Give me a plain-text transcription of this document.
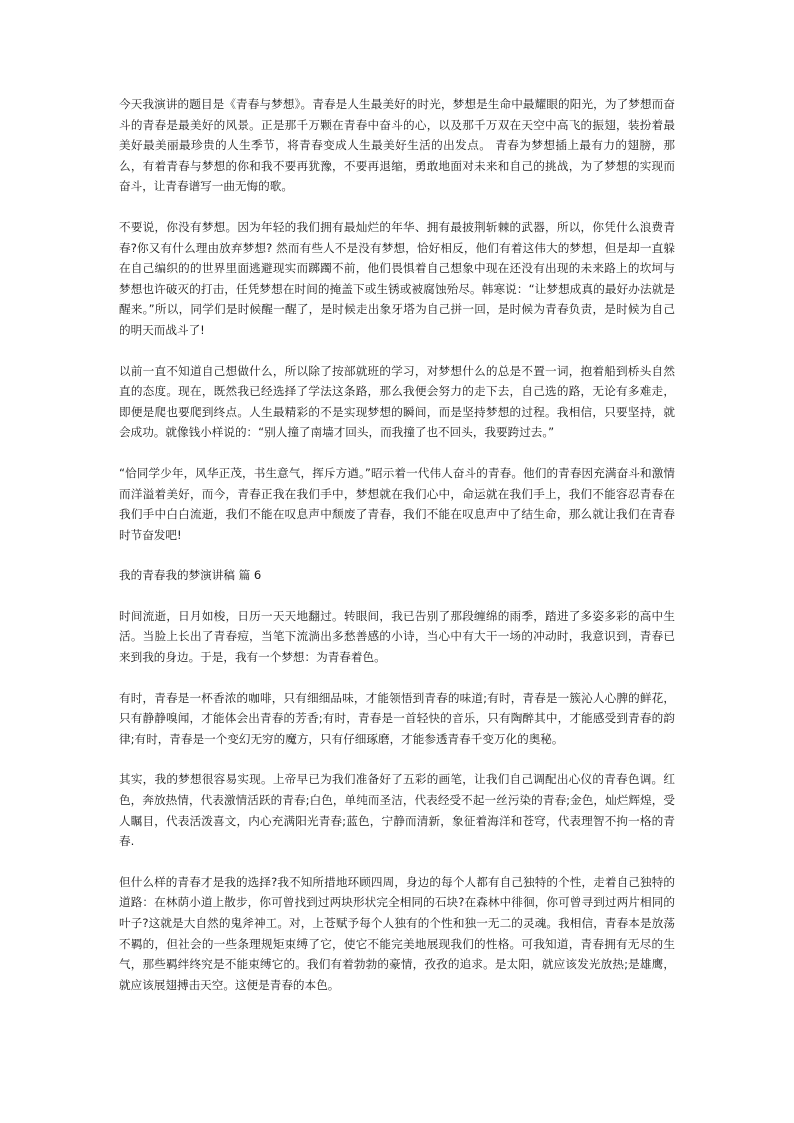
今天我演讲的题目是《青春与梦想》。青春是人生最美好的时光，梦想是生命中最耀眼的阳光，为了梦想而奋斗的青春是最美好的风景。正是那千万颗在青春中奋斗的心，以及那千万双在天空中高飞的振翅，装扮着最美好最美丽最珍贵的人生季节，将青春变成人生最美好生活的出发点。 青春为梦想插上最有力的翅膀，那么，有着青春与梦想的你和我不要再犹豫，不要再退缩，勇敢地面对未来和自己的挑战，为了梦想的实现而奋斗，让青春谱写一曲无悔的歌。

不要说，你没有梦想。因为年轻的我们拥有最灿烂的年华、拥有最披荆斩棘的武器，所以，你凭什么浪费青春?你又有什么理由放弃梦想? 然而有些人不是没有梦想，恰好相反，他们有着这伟大的梦想，但是却一直躲在自己编织的的世界里面逃避现实而踯躅不前，他们畏惧着自己想象中现在还没有出现的未来路上的坎坷与梦想也许破灭的打击，任凭梦想在时间的掩盖下或生锈或被腐蚀殆尽。韩寒说：“让梦想成真的最好办法就是醒来。”所以，同学们是时候醒一醒了，是时候走出象牙塔为自己拼一回，是时候为青春负责，是时候为自己的明天而战斗了!

以前一直不知道自己想做什么，所以除了按部就班的学习，对梦想什么的总是不置一词，抱着船到桥头自然直的态度。现在，既然我已经选择了学法这条路，那么我便会努力的走下去，自己选的路，无论有多难走，即便是爬也要爬到终点。人生最精彩的不是实现梦想的瞬间，而是坚持梦想的过程。我相信，只要坚持，就会成功。就像钱小样说的：“别人撞了南墙才回头，而我撞了也不回头，我要跨过去。”

“恰同学少年，风华正茂，书生意气，挥斥方遒。”昭示着一代伟人奋斗的青春。他们的青春因充满奋斗和激情而洋溢着美好，而今，青春正我在我们手中，梦想就在我们心中，命运就在我们手上，我们不能容忍青春在我们手中白白流逝，我们不能在叹息声中颓废了青春，我们不能在叹息声中了结生命，那么就让我们在青春时节奋发吧!

我的青春我的梦演讲稿 篇 6

时间流逝，日月如梭，日历一天天地翻过。转眼间，我已告别了那段缠绵的雨季，踏进了多姿多彩的高中生活。当脸上长出了青春痘，当笔下流淌出多愁善感的小诗，当心中有大干一场的冲动时，我意识到，青春已来到我的身边。于是，我有一个梦想：为青春着色。

有时，青春是一杯香浓的咖啡，只有细细品味，才能领悟到青春的味道;有时，青春是一簇沁人心脾的鲜花，只有静静嗅闻，才能体会出青春的芳香;有时，青春是一首轻快的音乐，只有陶醉其中，才能感受到青春的韵律;有时，青春是一个变幻无穷的魔方，只有仔细琢磨，才能参透青春千变万化的奥秘。

其实，我的梦想很容易实现。上帝早已为我们准备好了五彩的画笔，让我们自己调配出心仪的青春色调。红色，奔放热情，代表激情活跃的青春;白色，单纯而圣洁，代表经受不起一丝污染的青春;金色，灿烂辉煌，受人瞩目，代表活泼喜文，内心充满阳光青春;蓝色，宁静而清新，象征着海洋和苍穹，代表理智不拘一格的青春.

但什么样的青春才是我的选择?我不知所措地环顾四周，身边的每个人都有自己独特的个性，走着自己独特的道路：在林荫小道上散步，你可曾找到过两块形状完全相同的石块?在森林中徘徊，你可曾寻到过两片相同的叶子?这就是大自然的鬼斧神工。对，上苍赋予每个人独有的个性和独一无二的灵魂。我相信，青春本是放荡不羁的，但社会的一些条理规矩束缚了它，使它不能完美地展现我们的性格。可我知道，青春拥有无尽的生气，那些羁绊终究是不能束缚它的。我们有着勃勃的豪情，孜孜的追求。是太阳，就应该发光放热;是雄鹰，就应该展翅搏击天空。这便是青春的本色。
